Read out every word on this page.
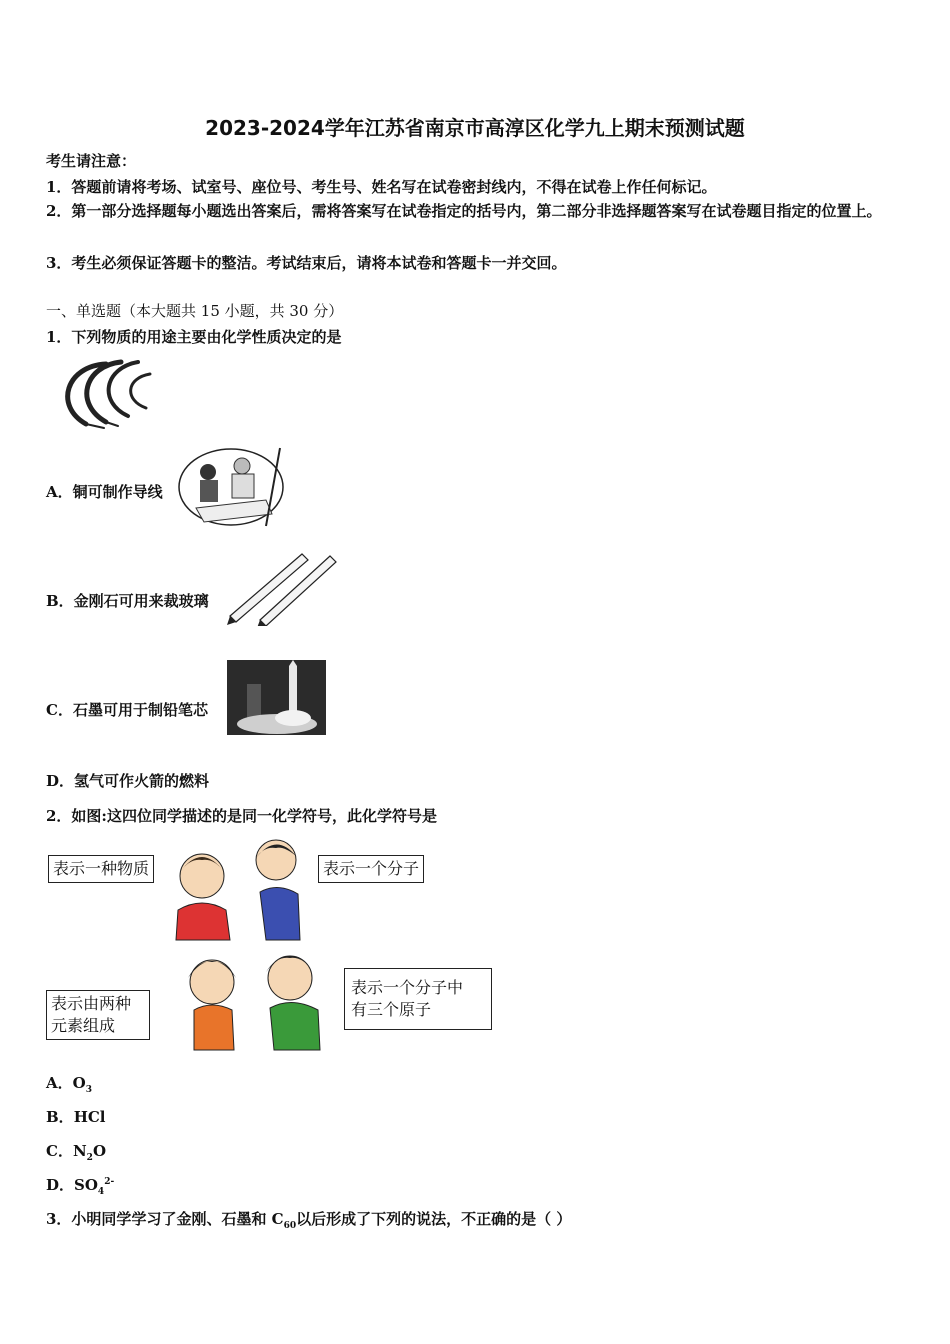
2023-2024学年江苏省南京市高淳区化学九上期末预测试题
考生请注意：
1．答题前请将考场、试室号、座位号、考生号、姓名写在试卷密封线内，不得在试卷上作任何标记。
2．第一部分选择题每小题选出答案后，需将答案写在试卷指定的括号内，第二部分非选择题答案写在试卷题目指定的位置上。
3．考生必须保证答题卡的整洁。考试结束后，请将本试卷和答题卡一并交回。
一、单选题（本大题共 15 小题，共 30 分）
1．下列物质的用途主要由化学性质决定的是
A．铜可制作导线
B．金刚石可用来裁玻璃
C．石墨可用于制铅笔芯
D．氢气可作火箭的燃料
2．如图:这四位同学描述的是同一化学符号，此化学符号是
表示一种物质	表示一个分子
表示由两种
元素组成
表示一个分子中
有三个原子
A．$O_3$
B．HCl
C．$N_2O$
D．$SO_4^{2-}$
3．小明同学学习了金刚、石墨和 $C_{60}$以后形成了下列的说法，不正确的是（ ）
